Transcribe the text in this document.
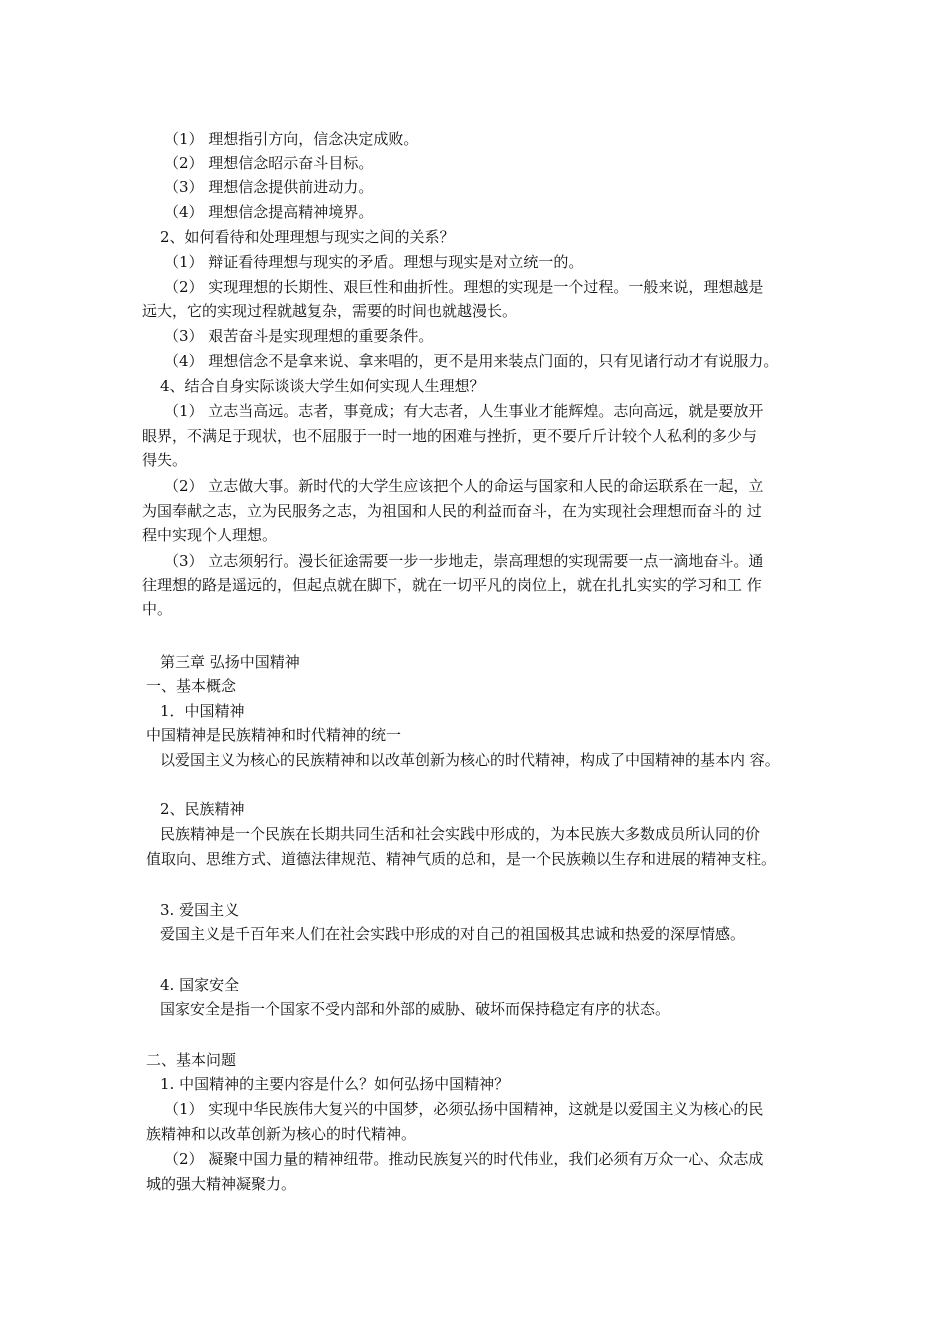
（1） 理想指引方向，信念决定成败。
（2） 理想信念昭示奋斗目标。
（3） 理想信念提供前进动力。
（4） 理想信念提高精神境界。
2、如何看待和处理理想与现实之间的关系？
（1） 辩证看待理想与现实的矛盾。理想与现实是对立统一的。
（2） 实现理想的长期性、艰巨性和曲折性。理想的实现是一个过程。一般来说，理想越是
远大，它的实现过程就越复杂，需要的时间也就越漫长。
（3） 艰苦奋斗是实现理想的重要条件。
（4） 理想信念不是拿来说、拿来唱的，更不是用来装点门面的，只有见诸行动才有说服力。
4、结合自身实际谈谈大学生如何实现人生理想？
（1） 立志当高远。志者，事竟成；有大志者，人生事业才能辉煌。志向高远，就是要放开
眼界，不满足于现状，也不屈服于一时一地的困难与挫折，更不要斤斤计较个人私利的多少与
得失。
（2） 立志做大事。新时代的大学生应该把个人的命运与国家和人民的命运联系在一起，立
为国奉献之志，立为民服务之志，为祖国和人民的利益而奋斗，在为实现社会理想而奋斗的 过
程中实现个人理想。
（3） 立志须躬行。漫长征途需要一步一步地走，崇高理想的实现需要一点一滴地奋斗。通
往理想的路是遥远的，但起点就在脚下，就在一切平凡的岗位上，就在扎扎实实的学习和工 作
中。
第三章 弘扬中国精神
一、基本概念
1．中国精神
中国精神是民族精神和时代精神的统一
以爱国主义为核心的民族精神和以改革创新为核心的时代精神，构成了中国精神的基本内 容。
2、民族精神
民族精神是一个民族在长期共同生活和社会实践中形成的，为本民族大多数成员所认同的价
值取向、思维方式、道德法律规范、精神气质的总和，是一个民族赖以生存和进展的精神支柱。
3. 爱国主义
爱国主义是千百年来人们在社会实践中形成的对自己的祖国极其忠诚和热爱的深厚情感。
4. 国家安全
国家安全是指一个国家不受内部和外部的威胁、破坏而保持稳定有序的状态。
二、基本问题
1. 中国精神的主要内容是什么？如何弘扬中国精神？
（1） 实现中华民族伟大复兴的中国梦，必须弘扬中国精神，这就是以爱国主义为核心的民
族精神和以改革创新为核心的时代精神。
（2） 凝聚中国力量的精神纽带。推动民族复兴的时代伟业，我们必须有万众一心、众志成
城的强大精神凝聚力。
